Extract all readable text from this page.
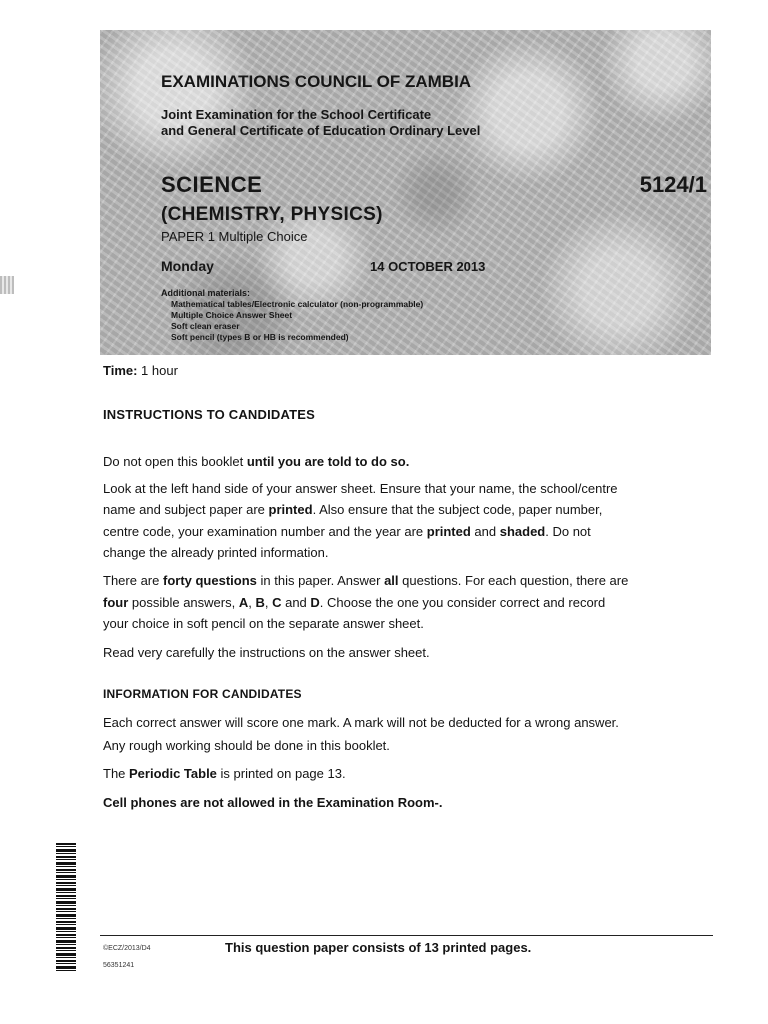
EXAMINATIONS COUNCIL OF ZAMBIA
Joint Examination for the School Certificate
and General Certificate of Education Ordinary Level
SCIENCE	5124/1
(CHEMISTRY, PHYSICS)
PAPER 1 Multiple Choice
Monday	14 OCTOBER 2013
Additional materials:
Mathematical tables/Electronic calculator (non-programmable)
Multiple Choice Answer Sheet
Soft clean eraser
Soft pencil (types B or HB is recommended)
Time: 1 hour
INSTRUCTIONS TO CANDIDATES
Do not open this booklet until you are told to do so.
Look at the left hand side of your answer sheet. Ensure that your name, the school/centre
name and subject paper are printed. Also ensure that the subject code, paper number,
centre code, your examination number and the year are printed and shaded. Do not
change the already printed information.
There are forty questions in this paper. Answer all questions. For each question, there are
four possible answers, A, B, C and D. Choose the one you consider correct and record
your choice in soft pencil on the separate answer sheet.
Read very carefully the instructions on the answer sheet.
INFORMATION FOR CANDIDATES
Each correct answer will score one mark. A mark will not be deducted for a wrong answer.
Any rough working should be done in this booklet.
The Periodic Table is printed on page 13.
Cell phones are not allowed in the Examination Room-.
©ECZ/2013/D4
56351241
This question paper consists of 13 printed pages.
